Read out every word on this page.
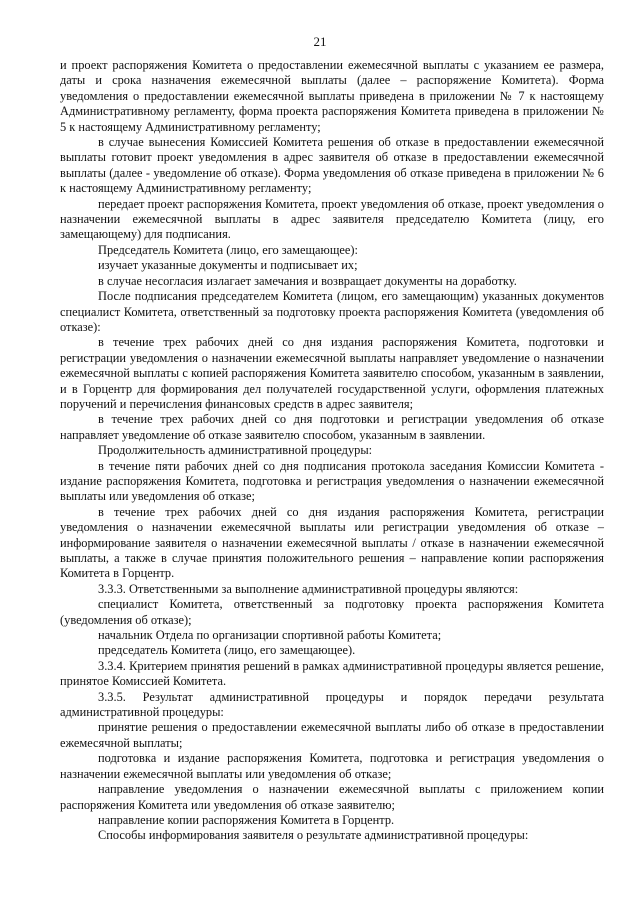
21

и проект распоряжения Комитета о предоставлении ежемесячной выплаты с указанием ее размера, даты и срока назначения ежемесячной выплаты (далее – распоряжение Комитета). Форма уведомления о предоставлении ежемесячной выплаты приведена в приложении № 7 к настоящему Административному регламенту, форма проекта распоряжения Комитета приведена в приложении № 5 к настоящему Административному регламенту;

в случае вынесения Комиссией Комитета решения об отказе в предоставлении ежемесячной выплаты готовит проект уведомления в адрес заявителя об отказе в предоставлении ежемесячной выплаты (далее - уведомление об отказе). Форма уведомления об отказе приведена в приложении № 6 к настоящему Административному регламенту;

передает проект распоряжения Комитета, проект уведомления об отказе, проект уведомления о назначении ежемесячной выплаты в адрес заявителя председателю Комитета (лицу, его замещающему) для подписания.

Председатель Комитета (лицо, его замещающее):

изучает указанные документы и подписывает их;

в случае несогласия излагает замечания и возвращает документы на доработку.

После подписания председателем Комитета (лицом, его замещающим) указанных документов специалист Комитета, ответственный за подготовку проекта распоряжения Комитета (уведомления об отказе):

в течение трех рабочих дней со дня издания распоряжения Комитета, подготовки и регистрации уведомления о назначении ежемесячной выплаты направляет уведомление о назначении ежемесячной выплаты с копией распоряжения Комитета заявителю способом, указанным в заявлении, и в Горцентр для формирования дел получателей государственной услуги, оформления платежных поручений и перечисления финансовых средств в адрес заявителя;

в течение трех рабочих дней со дня подготовки и регистрации уведомления об отказе направляет уведомление об отказе заявителю способом, указанным в заявлении.

Продолжительность административной процедуры:

в течение пяти рабочих дней со дня подписания протокола заседания Комиссии Комитета - издание распоряжения Комитета, подготовка и регистрация уведомления о назначении ежемесячной выплаты или уведомления об отказе;

в течение трех рабочих дней со дня издания распоряжения Комитета, регистрации уведомления о назначении ежемесячной выплаты или регистрации уведомления об отказе – информирование заявителя о назначении ежемесячной выплаты / отказе в назначении ежемесячной выплаты, а также в случае принятия положительного решения – направление копии распоряжения Комитета в Горцентр.

3.3.3. Ответственными за выполнение административной процедуры являются:

специалист Комитета, ответственный за подготовку проекта распоряжения Комитета (уведомления об отказе);

начальник Отдела по организации спортивной работы Комитета;

председатель Комитета (лицо, его замещающее).

3.3.4. Критерием принятия решений в рамках административной процедуры является решение, принятое Комиссией Комитета.

3.3.5. Результат административной процедуры и порядок передачи результата административной процедуры:

принятие решения о предоставлении ежемесячной выплаты либо об отказе в предоставлении ежемесячной выплаты;

подготовка и издание распоряжения Комитета, подготовка и регистрация уведомления о назначении ежемесячной выплаты или уведомления об отказе;

направление уведомления о назначении ежемесячной выплаты с приложением копии распоряжения Комитета или уведомления об отказе заявителю;

направление копии распоряжения Комитета в Горцентр.

Способы информирования заявителя о результате административной процедуры:
